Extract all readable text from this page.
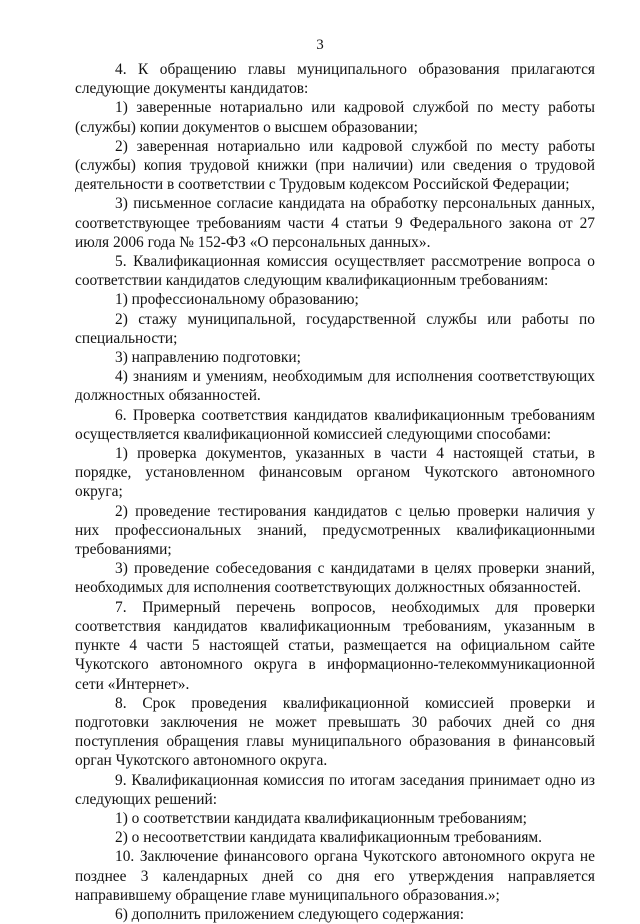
3

4. К обращению главы муниципального образования прилагаются следующие документы кандидатов:

1) заверенные нотариально или кадровой службой по месту работы (службы) копии документов о высшем образовании;

2) заверенная нотариально или кадровой службой по месту работы (службы) копия трудовой книжки (при наличии) или сведения о трудовой деятельности в соответствии с Трудовым кодексом Российской Федерации;

3) письменное согласие кандидата на обработку персональных данных, соответствующее требованиям части 4 статьи 9 Федерального закона от 27 июля 2006 года № 152-ФЗ «О персональных данных».

5. Квалификационная комиссия осуществляет рассмотрение вопроса о соответствии кандидатов следующим квалификационным требованиям:

1) профессиональному образованию;

2) стажу муниципальной, государственной службы или работы по специальности;

3) направлению подготовки;

4) знаниям и умениям, необходимым для исполнения соответствующих должностных обязанностей.

6. Проверка соответствия кандидатов квалификационным требованиям осуществляется квалификационной комиссией следующими способами:

1) проверка документов, указанных в части 4 настоящей статьи, в порядке, установленном финансовым органом Чукотского автономного округа;

2) проведение тестирования кандидатов с целью проверки наличия у них профессиональных знаний, предусмотренных квалификационными требованиями;

3) проведение собеседования с кандидатами в целях проверки знаний, необходимых для исполнения соответствующих должностных обязанностей.

7. Примерный перечень вопросов, необходимых для проверки соответствия кандидатов квалификационным требованиям, указанным в пункте 4 части 5 настоящей статьи, размещается на официальном сайте Чукотского автономного округа в информационно-телекоммуникационной сети «Интернет».

8. Срок проведения квалификационной комиссией проверки и подготовки заключения не может превышать 30 рабочих дней со дня поступления обращения главы муниципального образования в финансовый орган Чукотского автономного округа.

9. Квалификационная комиссия по итогам заседания принимает одно из следующих решений:

1) о соответствии кандидата квалификационным требованиям;

2) о несоответствии кандидата квалификационным требованиям.

10. Заключение финансового органа Чукотского автономного округа не позднее 3 календарных дней со дня его утверждения направляется направившему обращение главе муниципального образования.»;

6) дополнить приложением следующего содержания:
